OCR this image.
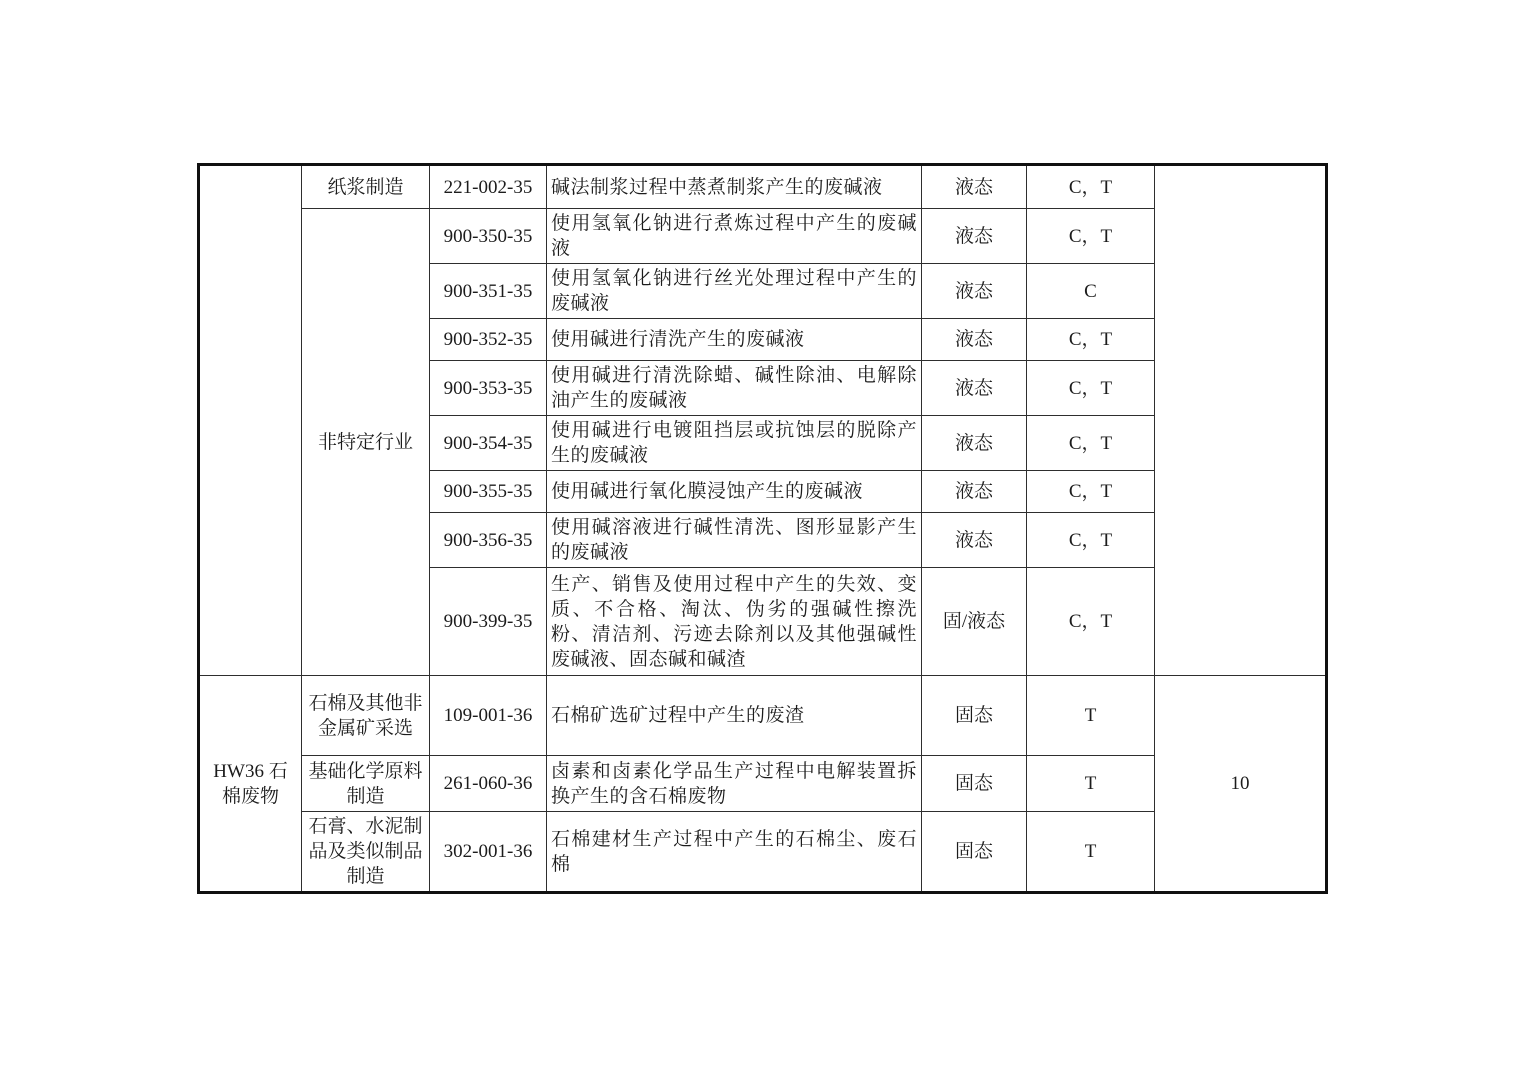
	纸浆制造	221-002-35	碱法制浆过程中蒸煮制浆产生的废碱液	液态	C，T	
	非特定行业	900-350-35	使用氢氧化钠进行煮炼过程中产生的废碱液	液态	C，T	
		900-351-35	使用氢氧化钠进行丝光处理过程中产生的废碱液	液态	C	
		900-352-35	使用碱进行清洗产生的废碱液	液态	C，T	
		900-353-35	使用碱进行清洗除蜡、碱性除油、电解除油产生的废碱液	液态	C，T	
		900-354-35	使用碱进行电镀阻挡层或抗蚀层的脱除产生的废碱液	液态	C，T	
		900-355-35	使用碱进行氧化膜浸蚀产生的废碱液	液态	C，T	
		900-356-35	使用碱溶液进行碱性清洗、图形显影产生的废碱液	液态	C，T	
		900-399-35	生产、销售及使用过程中产生的失效、变质、不合格、淘汰、伪劣的强碱性擦洗粉、清洁剂、污迹去除剂以及其他强碱性废碱液、固态碱和碱渣	固/液态	C，T	
HW36 石棉废物	石棉及其他非金属矿采选	109-001-36	石棉矿选矿过程中产生的废渣	固态	T	10
	基础化学原料制造	261-060-36	卤素和卤素化学品生产过程中电解装置拆换产生的含石棉废物	固态	T	
	石膏、水泥制品及类似制品制造	302-001-36	石棉建材生产过程中产生的石棉尘、废石棉	固态	T	
